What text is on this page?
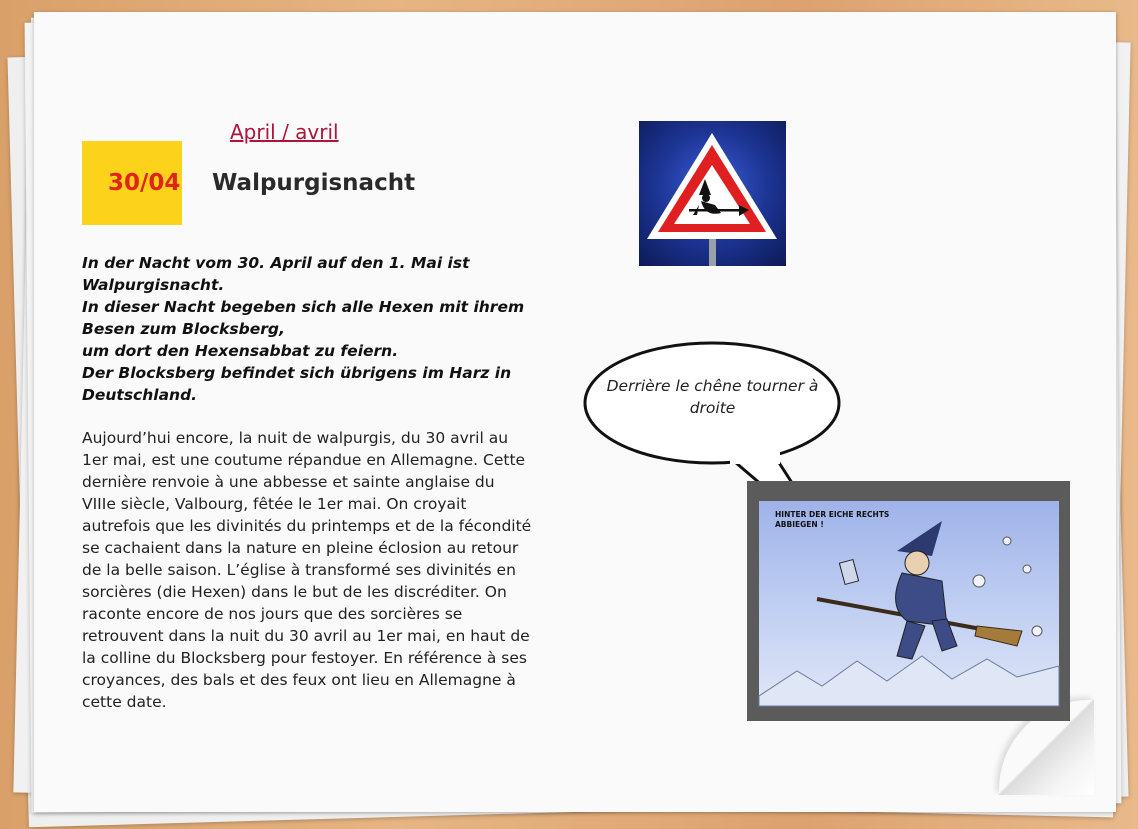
April / avril
30/04 Walpurgisnacht

In der Nacht vom 30. April auf den 1. Mai ist Walpurgisnacht.

In dieser Nacht begeben sich alle Hexen mit ihrem Besen zum Blocksberg,

um dort den Hexensabbat zu feiern.

Der Blocksberg befindet sich übrigens im Harz in Deutschland.

Aujourd’hui encore, la nuit de walpurgis, du 30 avril au 1er mai, est une coutume répandue en Allemagne. Cette dernière renvoie à une abbesse et sainte anglaise du VIIIe siècle, Valbourg, fêtée le 1er mai. On croyait autrefois que les divinités du printemps et de la fécondité se cachaient dans la nature en pleine éclosion au retour de la belle saison. L’église à transformé ses divinités en sorcières (die Hexen) dans le but de les discréditer. On raconte encore de nos jours que des sorcières se retrouvent dans la nuit du 30 avril au 1er mai, en haut de la colline du Blocksberg pour festoyer. En référence à ses croyances, des bals et des feux ont lieu en Allemagne à cette date.

Derrière le chêne tourner à droite
HINTER DER EICHE RECHTS ABBIEGEN !
